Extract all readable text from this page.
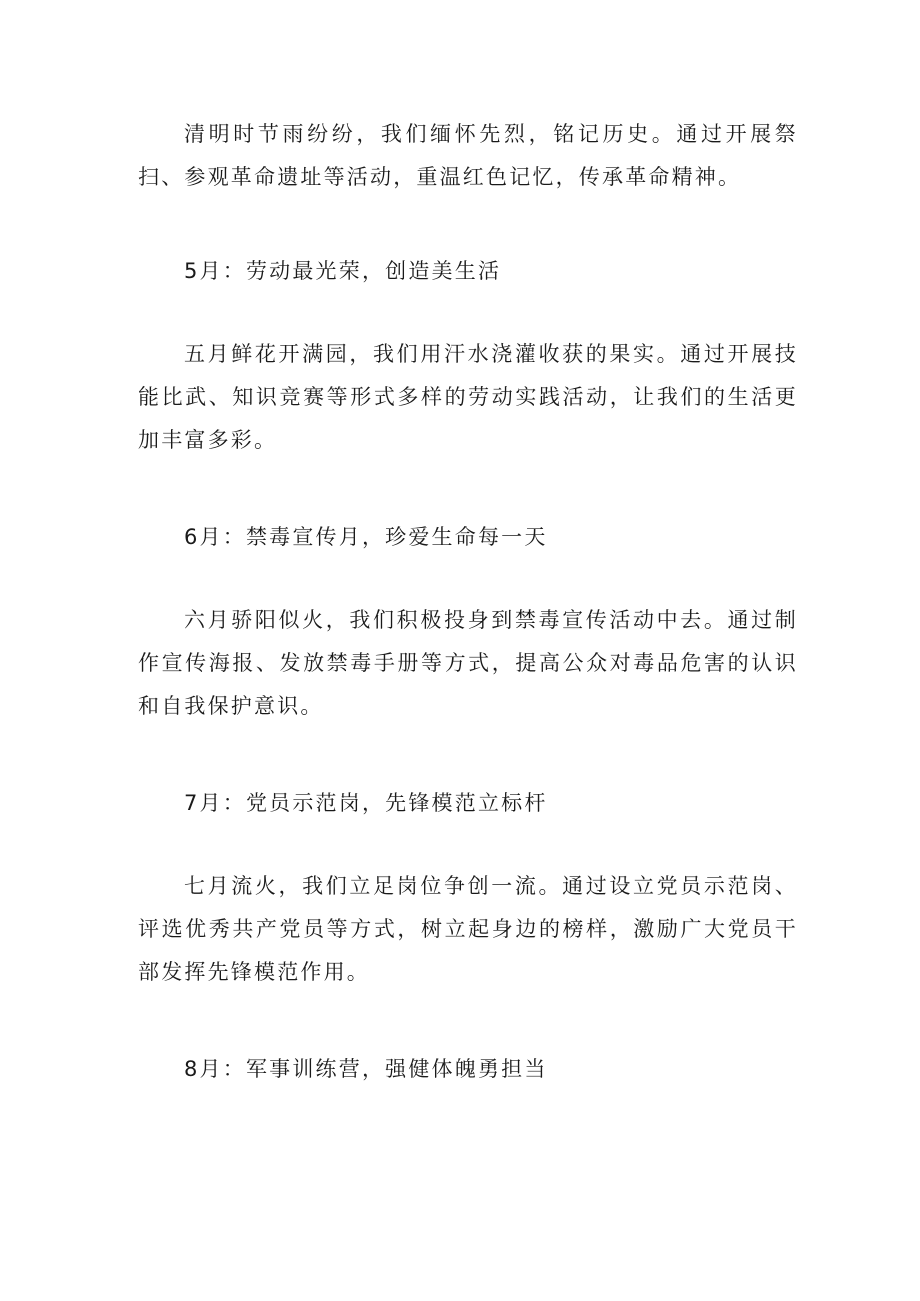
清明时节雨纷纷，我们缅怀先烈，铭记历史。通过开展祭扫、参观革命遗址等活动，重温红色记忆，传承革命精神。

5月：劳动最光荣，创造美生活

五月鲜花开满园，我们用汗水浇灌收获的果实。通过开展技能比武、知识竞赛等形式多样的劳动实践活动，让我们的生活更加丰富多彩。

6月：禁毒宣传月，珍爱生命每一天

六月骄阳似火，我们积极投身到禁毒宣传活动中去。通过制作宣传海报、发放禁毒手册等方式，提高公众对毒品危害的认识和自我保护意识。

7月：党员示范岗，先锋模范立标杆

七月流火，我们立足岗位争创一流。通过设立党员示范岗、评选优秀共产党员等方式，树立起身边的榜样，激励广大党员干部发挥先锋模范作用。

8月：军事训练营，强健体魄勇担当
